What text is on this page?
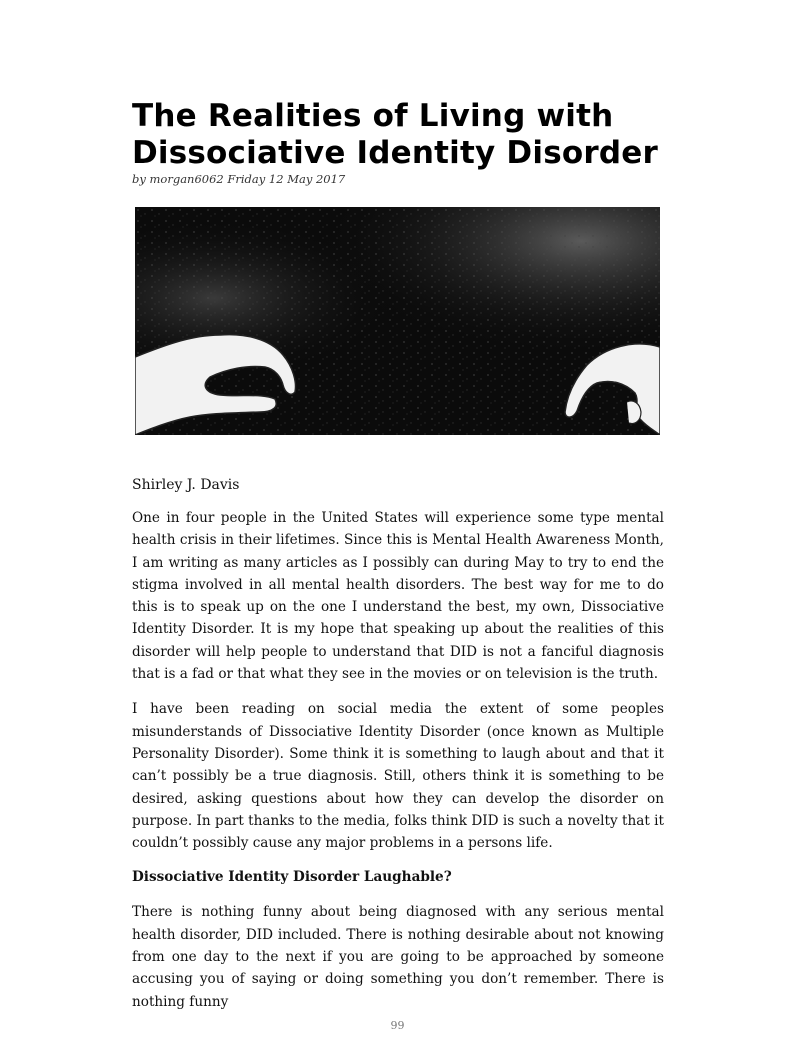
The Realities of Living with Dissociative Identity Disorder
by morgan6062 Friday 12 May 2017
Shirley J. Davis

One in four people in the United States will experience some type mental health crisis in their lifetimes. Since this is Mental Health Awareness Month, I am writing as many articles as I possibly can during May to try to end the stigma involved in all mental health disorders. The best way for me to do this is to speak up on the one I understand the best, my own, Dissociative Identity Disorder. It is my hope that speaking up about the realities of this disorder will help people to understand that DID is not a fanciful diagnosis that is a fad or that what they see in the movies or on television is the truth.

I have been reading on social media the extent of some peoples misunderstands of Dissociative Identity Disorder (once known as Multiple Personality Disorder). Some think it is something to laugh about and that it can’t possibly be a true diagnosis. Still, others think it is something to be desired, asking questions about how they can develop the disorder on purpose. In part thanks to the media, folks think DID is such a novelty that it couldn’t possibly cause any major problems in a persons life.

Dissociative Identity Disorder Laughable?

There is nothing funny about being diagnosed with any serious mental health disorder, DID included. There is nothing desirable about not knowing from one day to the next if you are going to be approached by someone accusing you of saying or doing something you don’t remember. There is nothing funny

99
